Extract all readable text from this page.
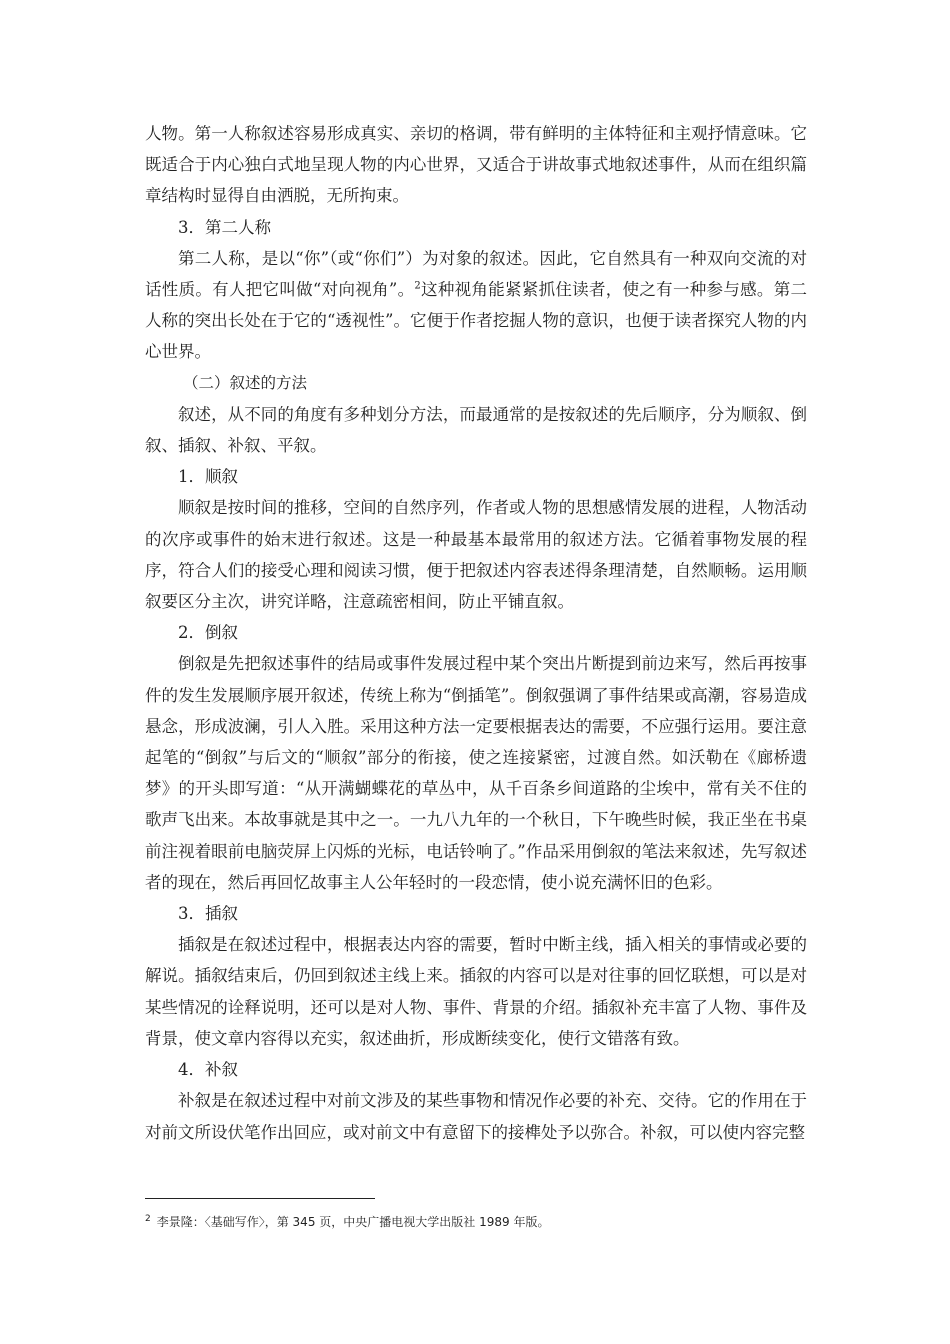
人物。第一人称叙述容易形成真实、亲切的格调，带有鲜明的主体特征和主观抒情意味。它既适合于内心独白式地呈现人物的内心世界，又适合于讲故事式地叙述事件，从而在组织篇章结构时显得自由洒脱，无所拘束。

3．第二人称

第二人称，是以“你”（或“你们”）为对象的叙述。因此，它自然具有一种双向交流的对话性质。有人把它叫做“对向视角”。$^2$这种视角能紧紧抓住读者，使之有一种参与感。第二人称的突出长处在于它的“透视性”。它便于作者挖掘人物的意识，也便于读者探究人物的内心世界。

（二）叙述的方法

叙述，从不同的角度有多种划分方法，而最通常的是按叙述的先后顺序，分为顺叙、倒叙、插叙、补叙、平叙。

1．顺叙

顺叙是按时间的推移，空间的自然序列，作者或人物的思想感情发展的进程，人物活动的次序或事件的始末进行叙述。这是一种最基本最常用的叙述方法。它循着事物发展的程序，符合人们的接受心理和阅读习惯，便于把叙述内容表述得条理清楚，自然顺畅。运用顺叙要区分主次，讲究详略，注意疏密相间，防止平铺直叙。

2．倒叙

倒叙是先把叙述事件的结局或事件发展过程中某个突出片断提到前边来写，然后再按事件的发生发展顺序展开叙述，传统上称为“倒插笔”。倒叙强调了事件结果或高潮，容易造成悬念，形成波澜，引人入胜。采用这种方法一定要根据表达的需要，不应强行运用。要注意起笔的“倒叙”与后文的“顺叙”部分的衔接，使之连接紧密，过渡自然。如沃勒在《廊桥遗梦》的开头即写道：“从开满蝴蝶花的草丛中，从千百条乡间道路的尘埃中，常有关不住的歌声飞出来。本故事就是其中之一。一九八九年的一个秋日，下午晚些时候，我正坐在书桌前注视着眼前电脑荧屏上闪烁的光标，电话铃响了。”作品采用倒叙的笔法来叙述，先写叙述者的现在，然后再回忆故事主人公年轻时的一段恋情，使小说充满怀旧的色彩。

3．插叙

插叙是在叙述过程中，根据表达内容的需要，暂时中断主线，插入相关的事情或必要的解说。插叙结束后，仍回到叙述主线上来。插叙的内容可以是对往事的回忆联想，可以是对某些情况的诠释说明，还可以是对人物、事件、背景的介绍。插叙补充丰富了人物、事件及背景，使文章内容得以充实，叙述曲折，形成断续变化，使行文错落有致。

4．补叙

补叙是在叙述过程中对前文涉及的某些事物和情况作必要的补充、交待。它的作用在于对前文所设伏笔作出回应，或对前文中有意留下的接榫处予以弥合。补叙，可以使内容完整

$^2$ 李景隆：〈基础写作〉，第 345 页，中央广播电视大学出版社 1989 年版。
